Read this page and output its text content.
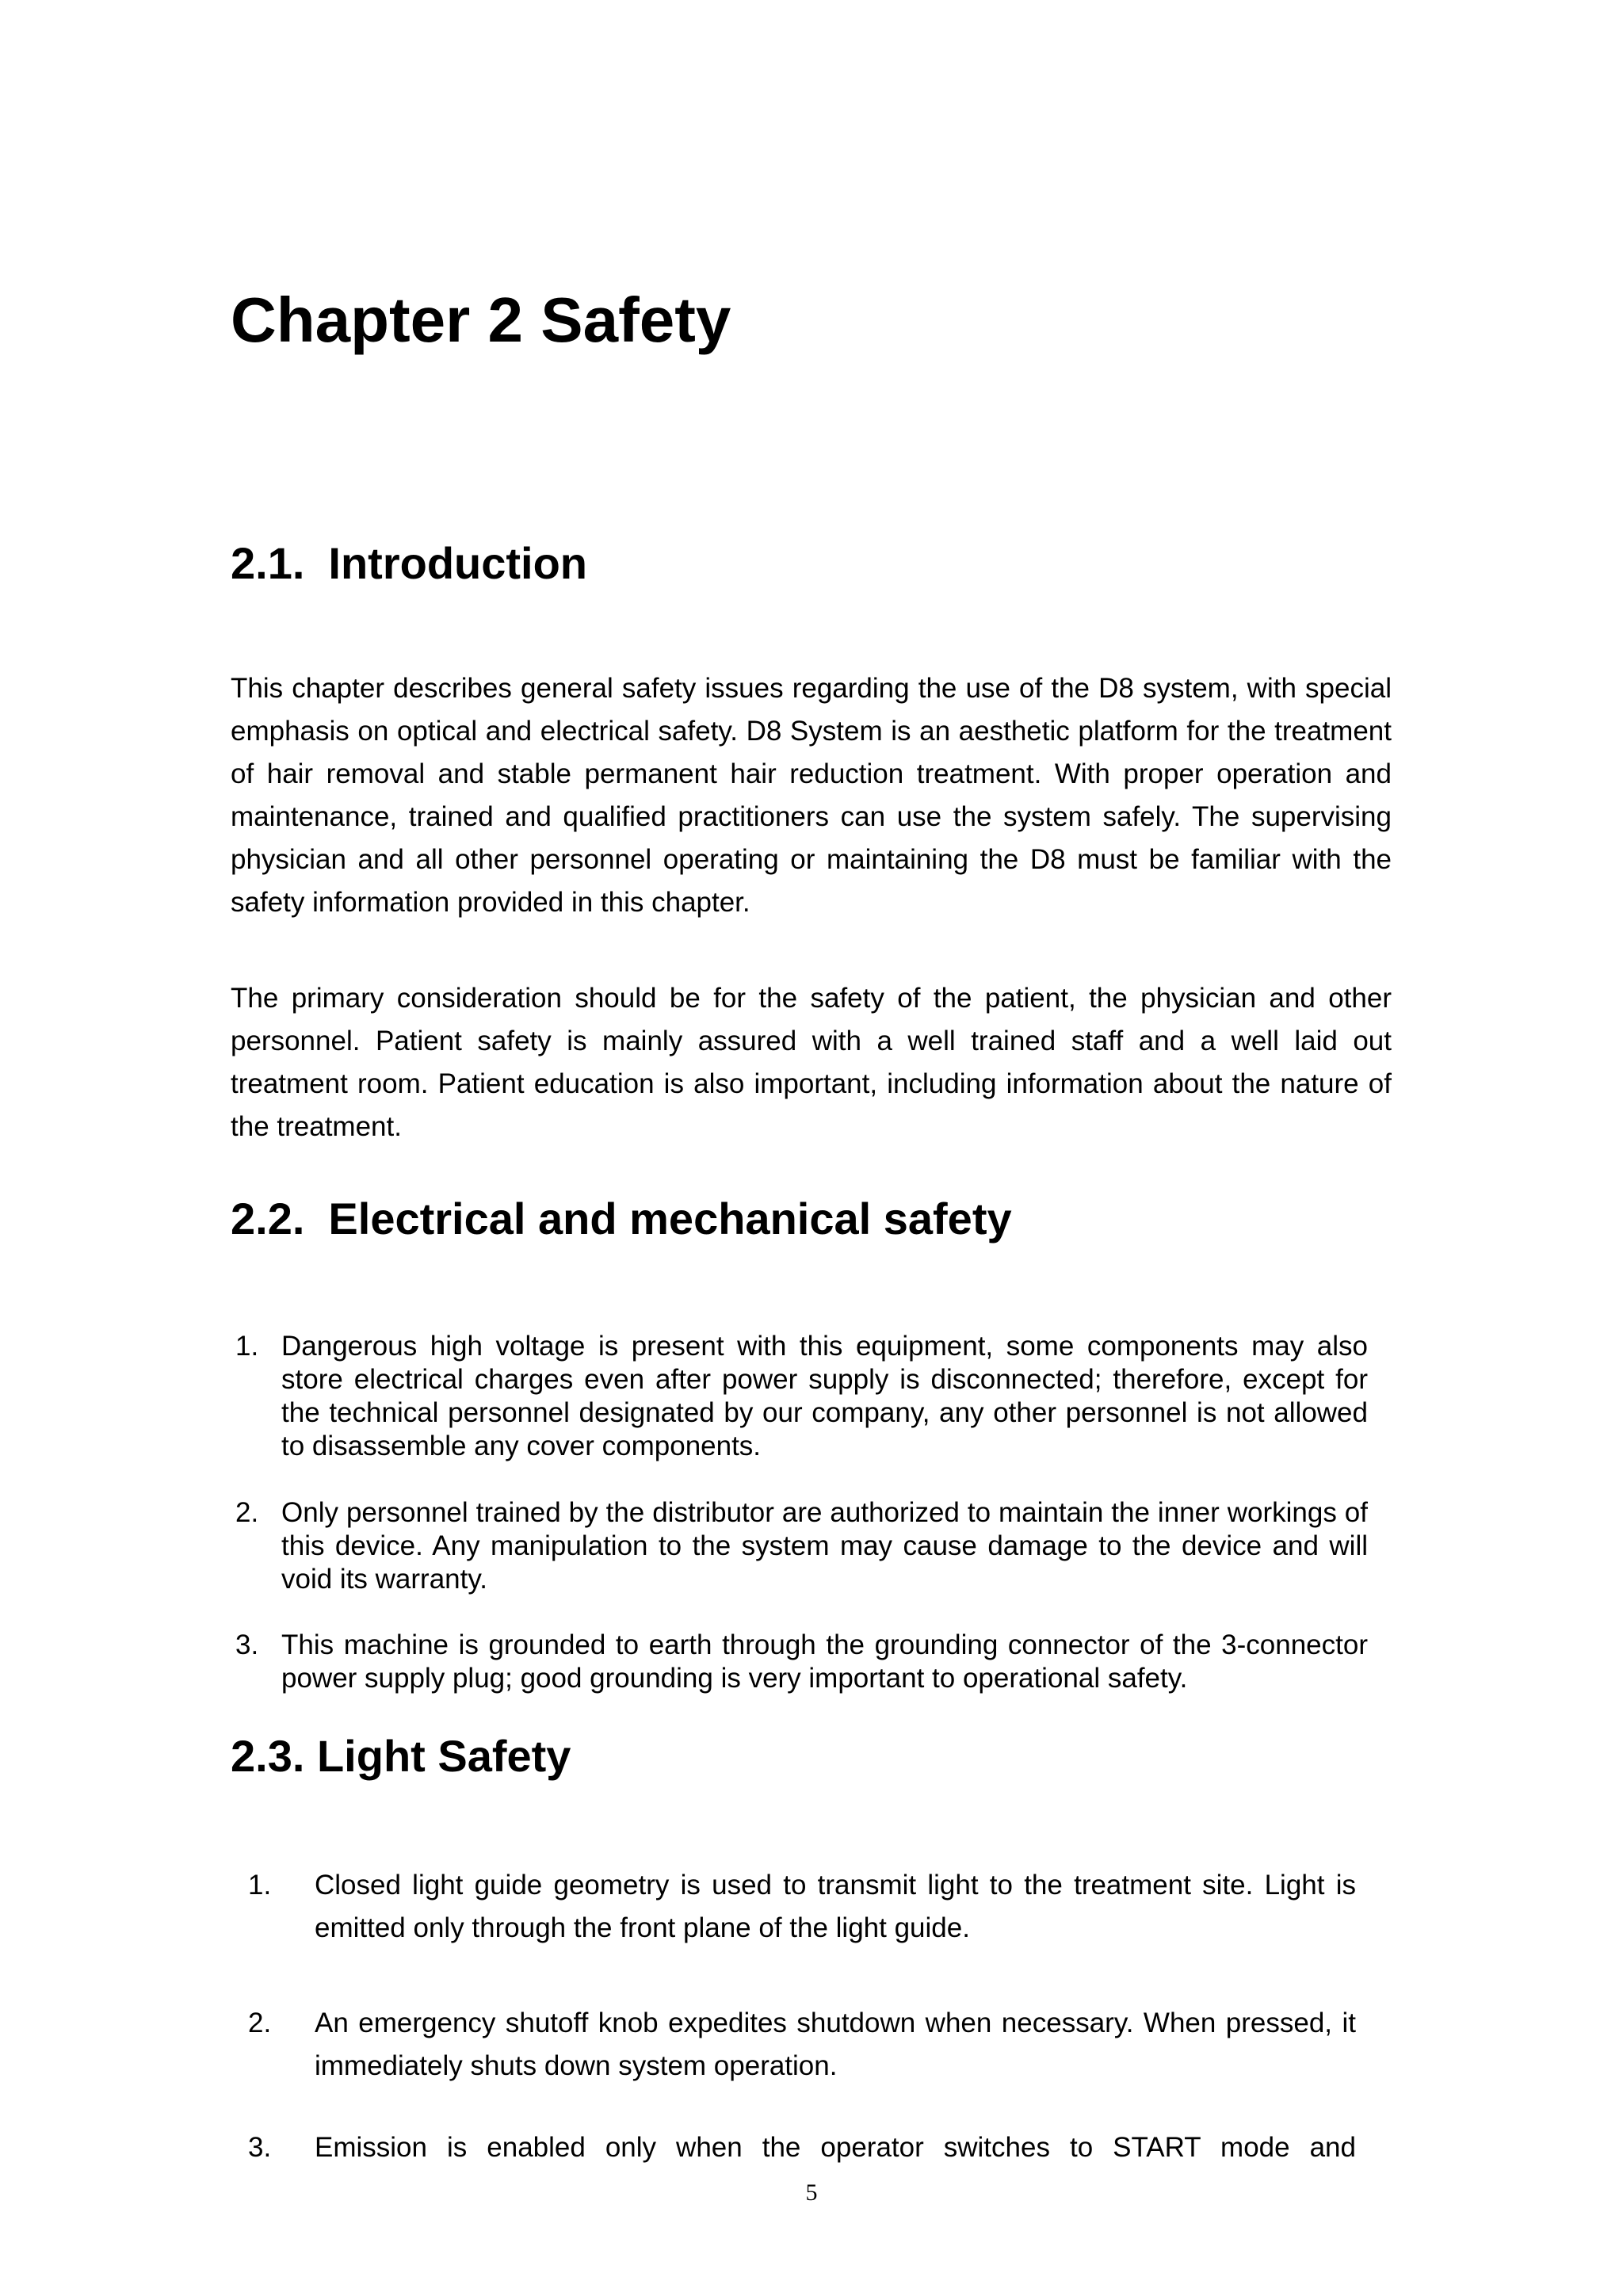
Chapter 2 Safety
2.1. Introduction

This chapter describes general safety issues regarding the use of the D8 system, with special emphasis on optical and electrical safety. D8 System is an aesthetic platform for the treatment of hair removal and stable permanent hair reduction treatment. With proper operation and maintenance, trained and qualified practitioners can use the system safely. The supervising physician and all other personnel operating or maintaining the D8 must be familiar with the safety information provided in this chapter.

The primary consideration should be for the safety of the patient, the physician and other personnel. Patient safety is mainly assured with a well trained staff and a well laid out treatment room. Patient education is also important, including information about the nature of the treatment.

2.2. Electrical and mechanical safety
1. Dangerous high voltage is present with this equipment, some components may also store electrical charges even after power supply is disconnected; therefore, except for the technical personnel designated by our company, any other personnel is not allowed to disassemble any cover components.
2. Only personnel trained by the distributor are authorized to maintain the inner workings of this device. Any manipulation to the system may cause damage to the device and will void its warranty.
3. This machine is grounded to earth through the grounding connector of the 3-connector power supply plug; good grounding is very important to operational safety.
2.3. Light Safety
1.	Closed light guide geometry is used to transmit light to the treatment site. Light is emitted only through the front plane of the light guide.
2.	An emergency shutoff knob expedites shutdown when necessary. When pressed, it immediately shuts down system operation.
3.	Emission is enabled only when the operator switches to START mode and
5
